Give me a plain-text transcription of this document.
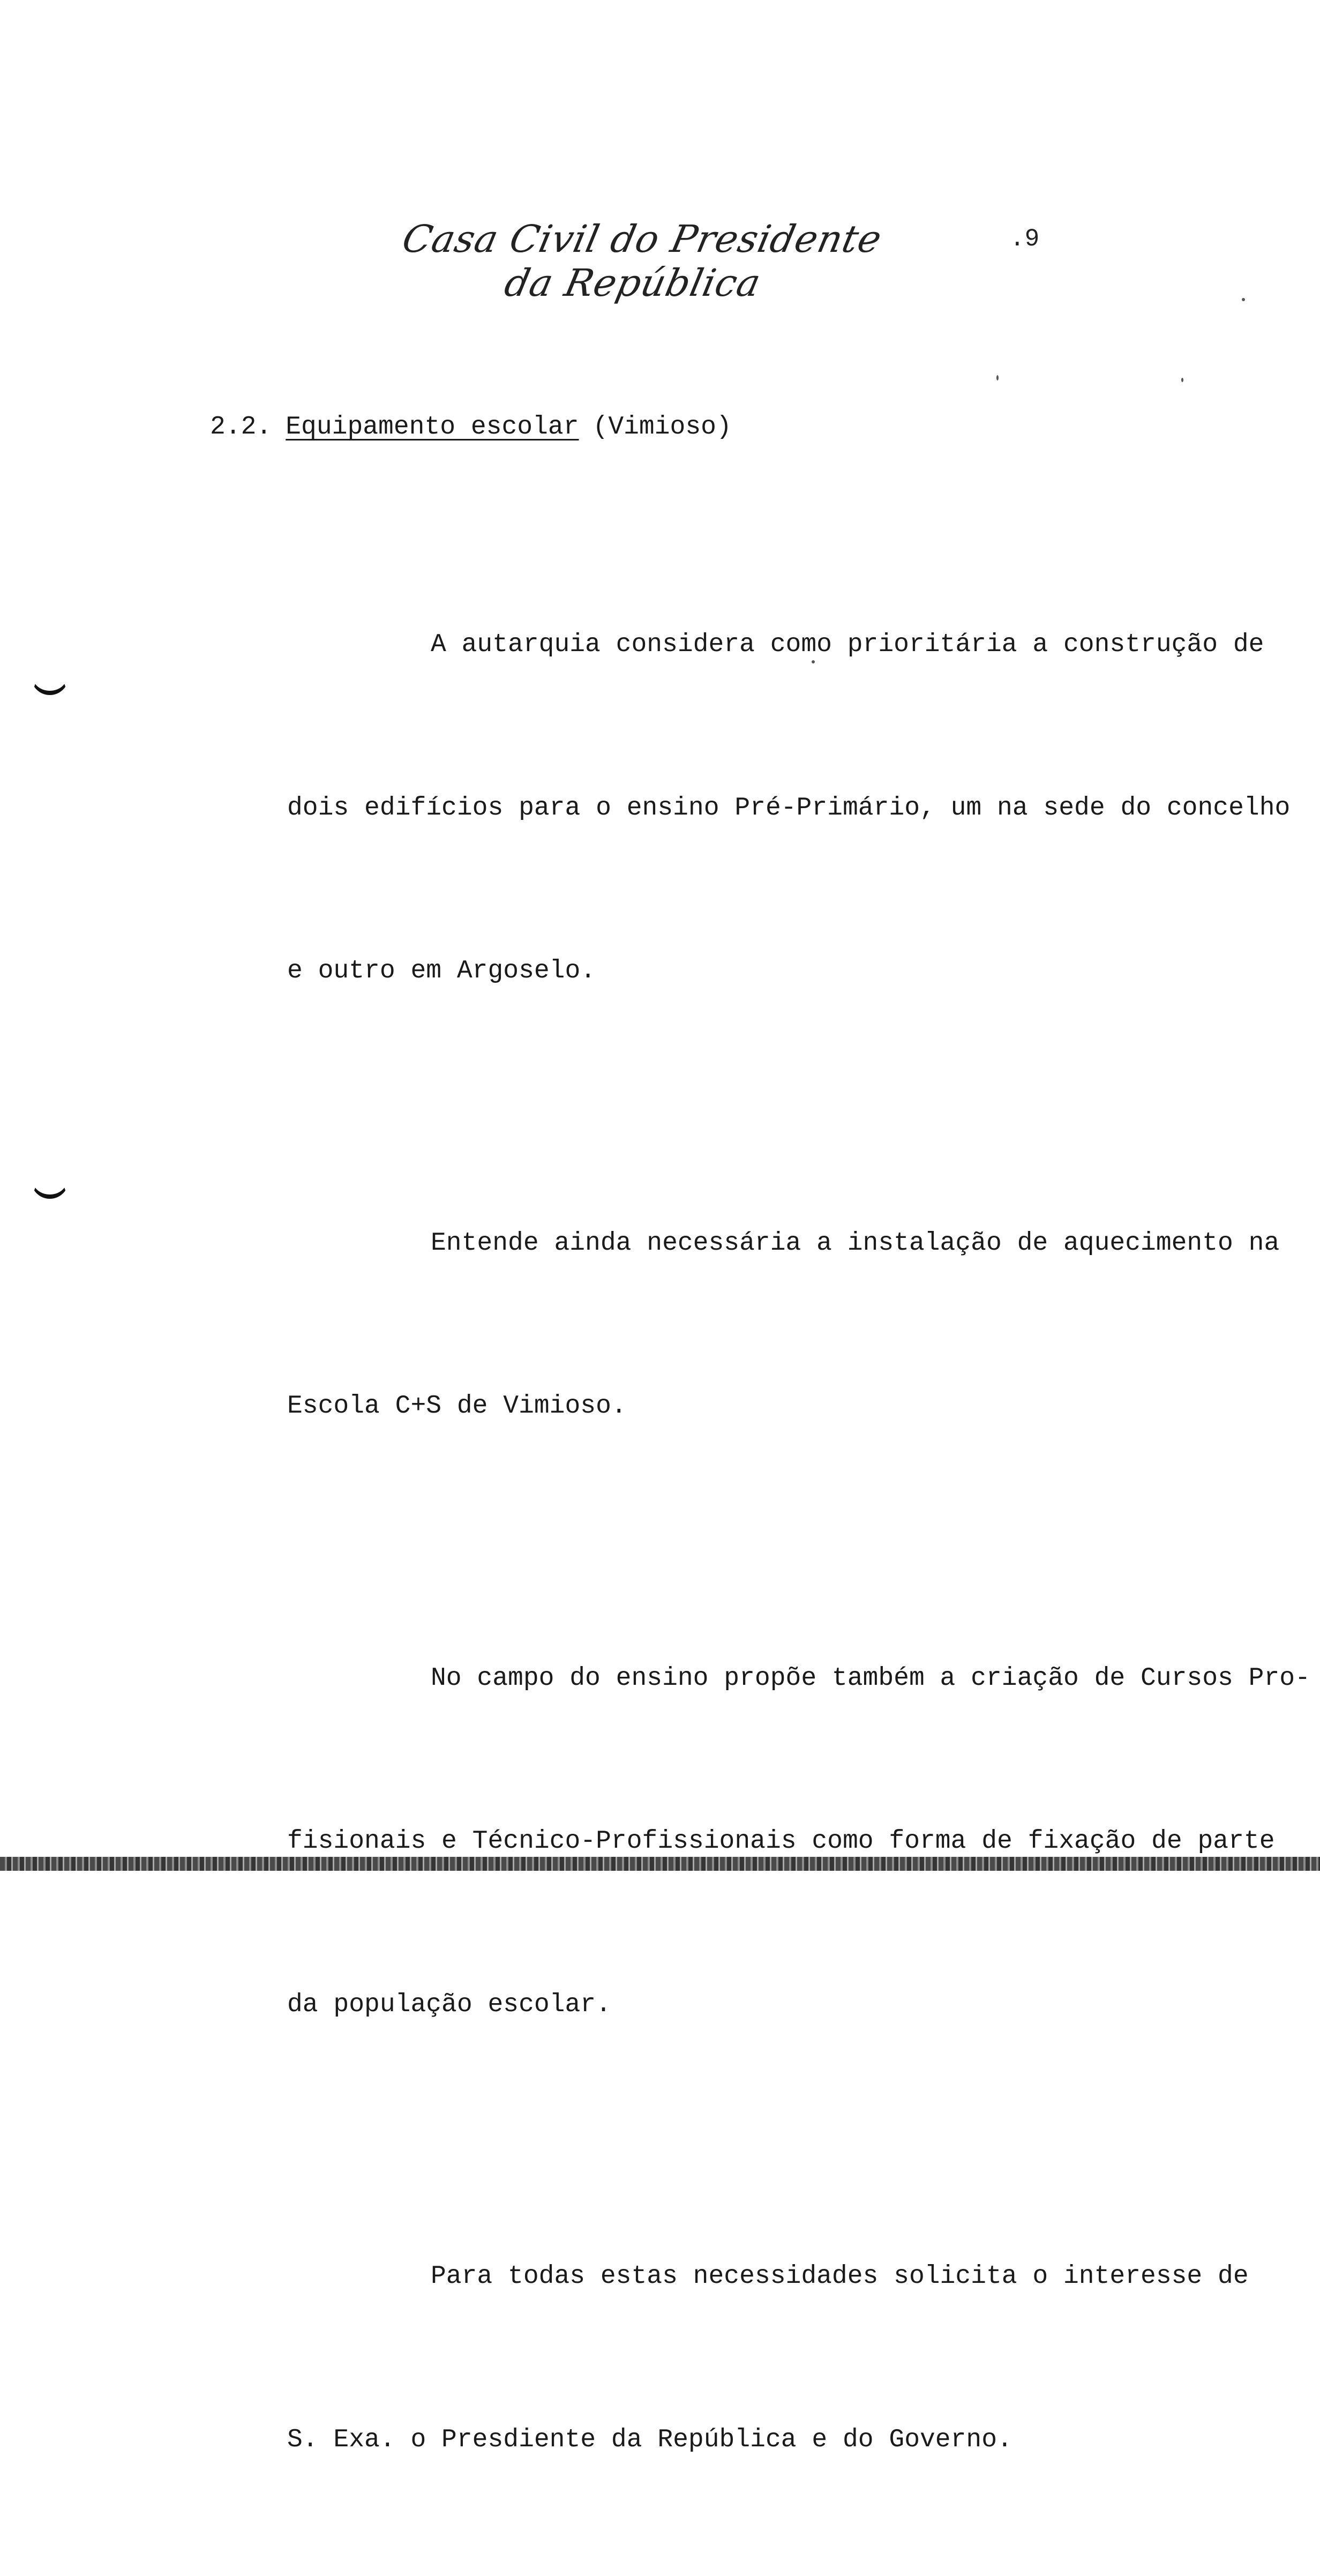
Casa Civil do Presidente da República
.9
2.2. Equipamento escolar (Vimioso)

A autarquia considera como prioritária a construção de

dois edifícios para o ensino Pré-Primário, um na sede do concelho

e outro em Argoselo.

Entende ainda necessária a instalação de aquecimento na

Escola C+S de Vimioso.

No campo do ensino propõe também a criação de Cursos Pro-

fisionais e Técnico-Profissionais como forma de fixação de parte

da população escolar.

Para todas estas necessidades solicita o interesse de

S. Exa. o Presdiente da República e do Governo.
